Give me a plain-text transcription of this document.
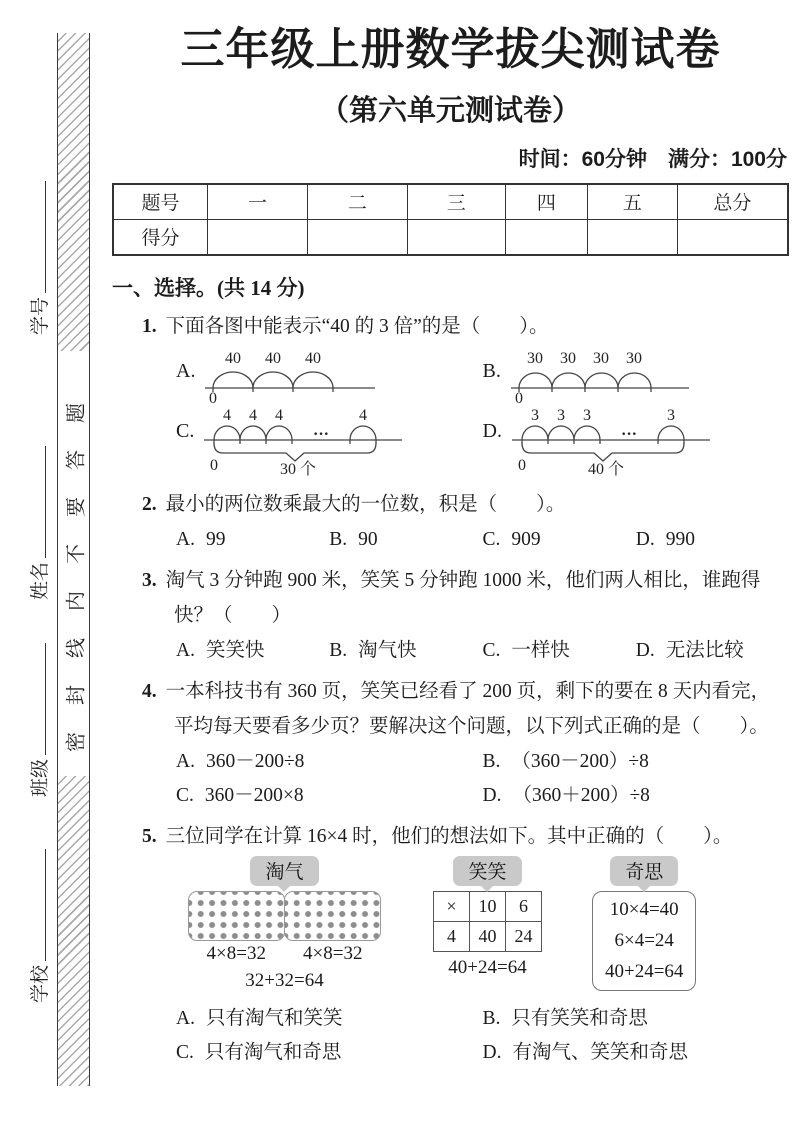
学号
姓名
班级
学校
密封线内不要答题
三年级上册数学拔尖测试卷
（第六单元测试卷）
时间：60分钟　满分：100分
题号	一	二	三	四	五	总分
得分						
一、选择。(共 14 分)
1. 下面各图中能表示“40 的 3 倍”的是（　　）。
A.
40 40 40
0
B.
30 30 30 30
0
C.
4 4 4	4
···
0	30 个
D.
3 3 3	3
···
0	40 个
2. 最小的两位数乘最大的一位数，积是（　　）。
A. 99	B. 90	C. 909	D. 990
3. 淘气 3 分钟跑 900 米，笑笑 5 分钟跑 1000 米，他们两人相比，谁跑得快？（　　）
A. 笑笑快	B. 淘气快	C. 一样快	D. 无法比较
4. 一本科技书有 360 页，笑笑已经看了 200 页，剩下的要在 8 天内看完，平均每天要看多少页？要解决这个问题，以下列式正确的是（　　）。
A. 360－200÷8	B. （360－200）÷8
C. 360－200×8	D. （360＋200）÷8
5. 三位同学在计算 16×4 时，他们的想法如下。其中正确的（　　）。
淘气
4×8=32 4×8=32
32+32=64
笑笑
×	10	6
4	40	24
40+24=64
奇思
10×4=40
6×4=24
40+24=64
A. 只有淘气和笑笑	B. 只有笑笑和奇思
C. 只有淘气和奇思	D. 有淘气、笑笑和奇思
